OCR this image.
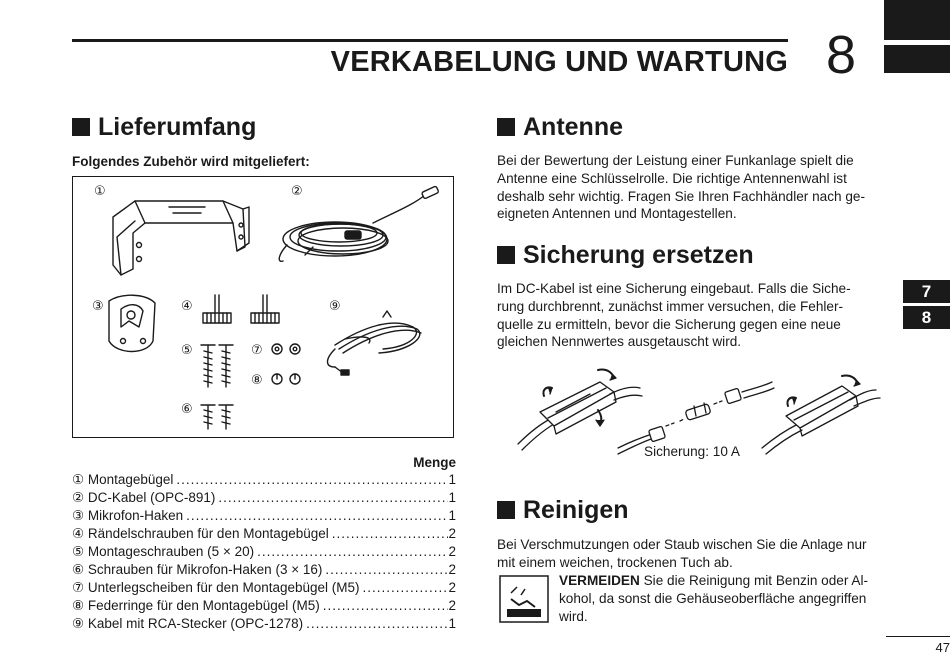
VERKABELUNG UND WARTUNG 8
Lieferumfang
Folgendes Zubehör wird mitgeliefert:
①	②
③	④	⑨
⑤	⑦
⑧
⑥
Menge
① Montagebügel .....	1
② DC-Kabel (OPC-891) .....	1
③ Mikrofon-Haken .....	1
④ Rändelschrauben für den Montagebügel .....	2
⑤ Montageschrauben (5 × 20) .....	2
⑥ Schrauben für Mikrofon-Haken (3 × 16) .....	2
⑦ Unterlegscheiben für den Montagebügel (M5) .....	2
⑧ Federringe für den Montagebügel (M5) .....	2
⑨ Kabel mit RCA-Stecker (OPC-1278) .....	1
Antenne
Bei der Bewertung der Leistung einer Funkanlage spielt die
Antenne eine Schlüsselrolle. Die richtige Antennenwahl ist
deshalb sehr wichtig. Fragen Sie Ihren Fachhändler nach ge-
eigneten Antennen und Montagestellen.
Sicherung ersetzen
Im DC-Kabel ist eine Sicherung eingebaut. Falls die Siche-
rung durchbrennt, zunächst immer versuchen, die Fehler-
quelle zu ermitteln, bevor die Sicherung gegen eine neue
gleichen Nennwertes ausgetauscht wird.
Sicherung: 10 A
Reinigen
Bei Verschmutzungen oder Staub wischen Sie die Anlage nur
mit einem weichen, trockenen Tuch ab.
VERMEIDEN Sie die Reinigung mit Benzin oder Al-
kohol, da sonst die Gehäuseoberfläche angegriffen
wird.
7
8
47
